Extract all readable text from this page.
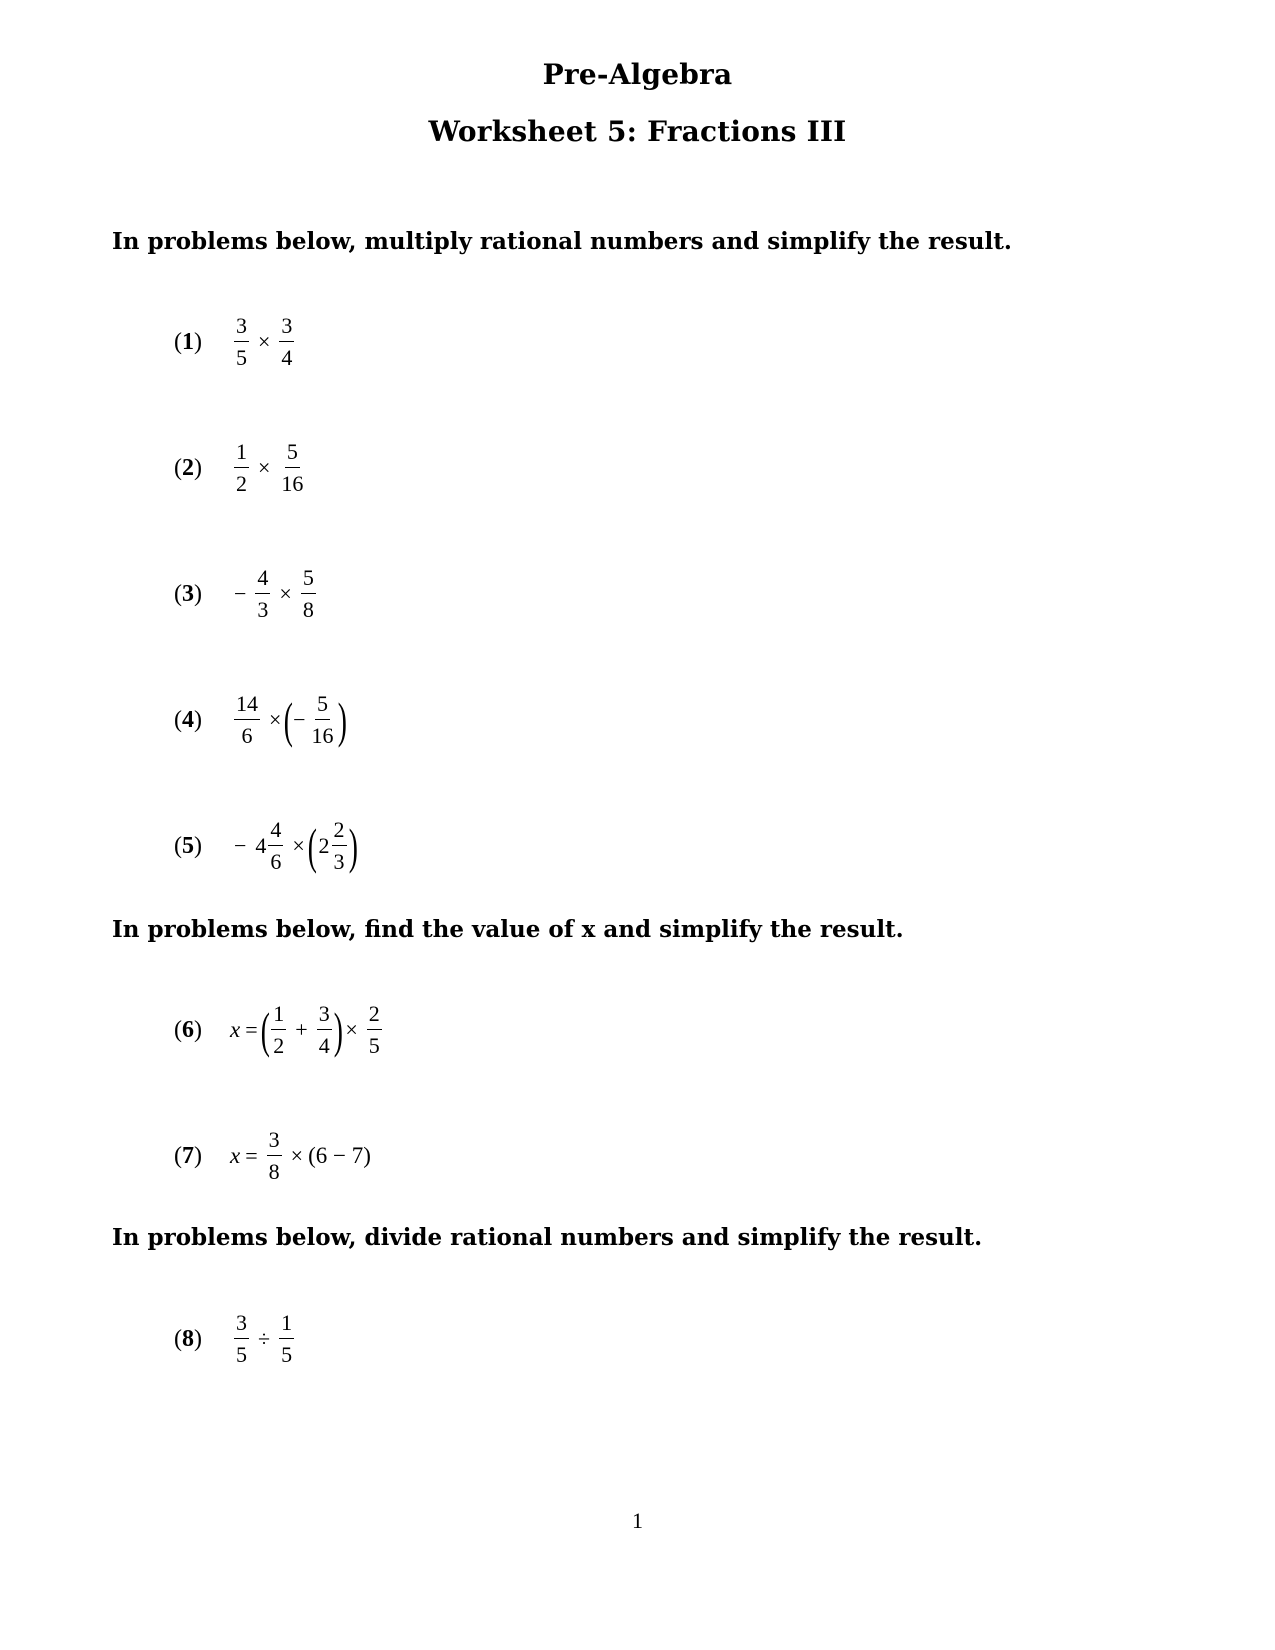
Pre-Algebra
Worksheet 5: Fractions III
In problems below, multiply rational numbers and simplify the result.
( 1 )	$\frac{3}{5} \times \frac{3}{4}$
( 2 )	$\frac{1}{2} \times \frac{5}{16}$
( 3 )	− $\frac{4}{3} \times \frac{5}{8}$
( 4 )	$\frac{14}{6}$ × ( − $\frac{5}{16}$ )
( 5 )	− $4 \frac{4}{6}$ × ( $2 \frac{2}{3}$ )
In problems below, find the value of x and simplify the result.
( 6 )	x = ( $\frac{1}{2} + \frac{3}{4}$ ) × $\frac{2}{5}$
( 7 )	$x = \frac{3}{8} \times (6 - 7)$
In problems below, divide rational numbers and simplify the result.
( 8 )	$\frac{3}{5} \div \frac{1}{5}$
1
